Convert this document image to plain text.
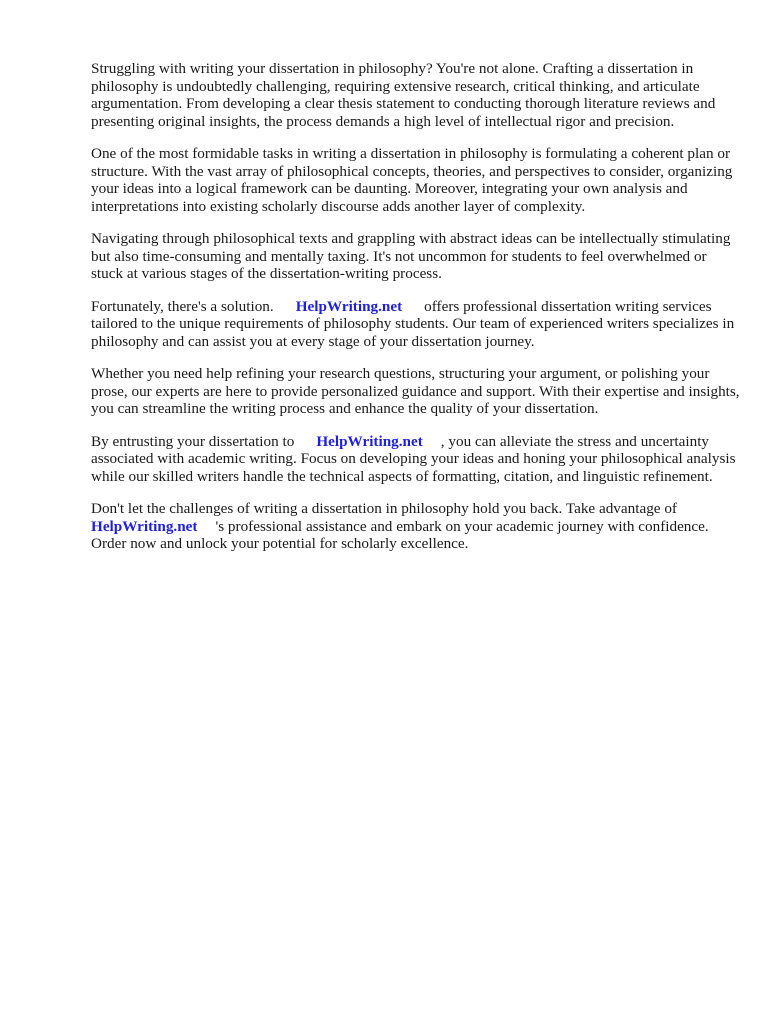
Struggling with writing your dissertation in philosophy? You're not alone. Crafting a dissertation in philosophy is undoubtedly challenging, requiring extensive research, critical thinking, and articulate argumentation. From developing a clear thesis statement to conducting thorough literature reviews and presenting original insights, the process demands a high level of intellectual rigor and precision.

One of the most formidable tasks in writing a dissertation in philosophy is formulating a coherent plan or structure. With the vast array of philosophical concepts, theories, and perspectives to consider, organizing your ideas into a logical framework can be daunting. Moreover, integrating your own analysis and interpretations into existing scholarly discourse adds another layer of complexity.

Navigating through philosophical texts and grappling with abstract ideas can be intellectually stimulating but also time-consuming and mentally taxing. It's not uncommon for students to feel overwhelmed or stuck at various stages of the dissertation-writing process.

Fortunately, there's a solution. HelpWriting.net offers professional dissertation writing services tailored to the unique requirements of philosophy students. Our team of experienced writers specializes in philosophy and can assist you at every stage of your dissertation journey.

Whether you need help refining your research questions, structuring your argument, or polishing your prose, our experts are here to provide personalized guidance and support. With their expertise and insights, you can streamline the writing process and enhance the quality of your dissertation.

By entrusting your dissertation to HelpWriting.net , you can alleviate the stress and uncertainty associated with academic writing. Focus on developing your ideas and honing your philosophical analysis while our skilled writers handle the technical aspects of formatting, citation, and linguistic refinement.

Don't let the challenges of writing a dissertation in philosophy hold you back. Take advantage of HelpWriting.net 's professional assistance and embark on your academic journey with confidence. Order now and unlock your potential for scholarly excellence.
